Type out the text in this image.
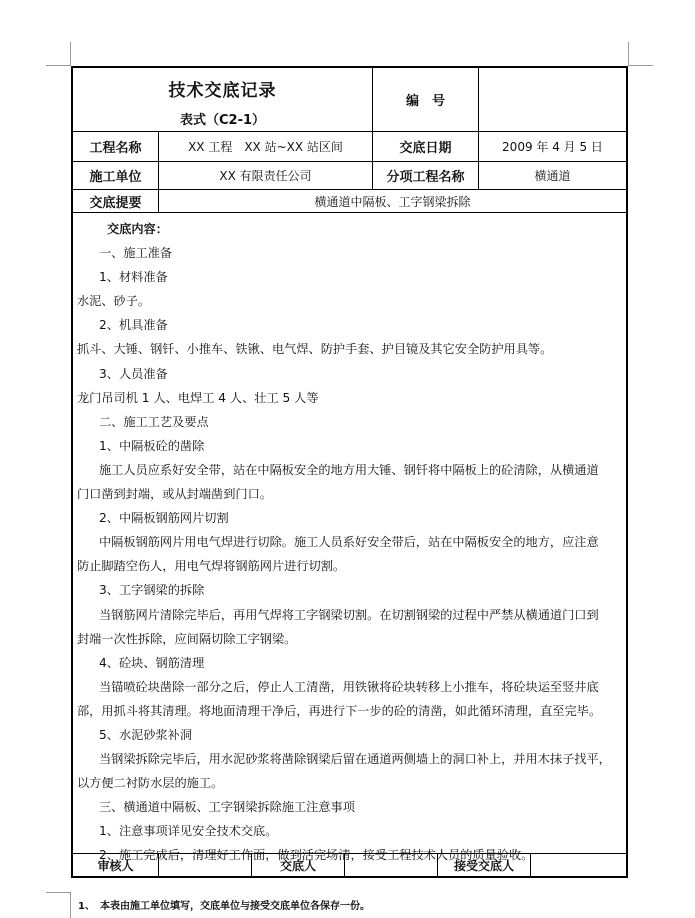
技术交底记录
表式（C2-1）		编　号	
工程名称	XX 工程　XX 站~XX 站区间	交底日期	2009 年 4 月 5 日
施工单位	XX 有限责任公司	分项工程名称	横通道
交底提要	横通道中隔板、工字钢梁拆除		

交底内容：

一、施工准备

1、材料准备

水泥、砂子。

2、机具准备

抓斗、大锤、钢钎、小推车、铁锹、电气焊、防护手套、护目镜及其它安全防护用具等。

3、人员准备

龙门吊司机 1 人、电焊工 4 人、壮工 5 人等

二、施工工艺及要点

1、中隔板砼的凿除

施工人员应系好安全带，站在中隔板安全的地方用大锤、钢钎将中隔板上的砼清除，从横通道

门口凿到封端，或从封端凿到门口。

2、中隔板钢筋网片切割

中隔板钢筋网片用电气焊进行切除。施工人员系好安全带后，站在中隔板安全的地方，应注意

防止脚踏空伤人，用电气焊将钢筋网片进行切割。

3、工字钢梁的拆除

当钢筋网片清除完毕后，再用气焊将工字钢梁切割。在切割钢梁的过程中严禁从横通道门口到

封端一次性拆除，应间隔切除工字钢梁。

4、砼块、钢筋清理

当锚喷砼块凿除一部分之后，停止人工清凿，用铁锹将砼块转移上小推车，将砼块运至竖井底

部，用抓斗将其清理。将地面清理干净后，再进行下一步的砼的清凿，如此循环清理，直至完毕。

5、水泥砂浆补洞

当钢梁拆除完毕后，用水泥砂浆将凿除钢梁后留在通道两侧墙上的洞口补上，并用木抹子找平，

以方便二衬防水层的施工。

三、横通道中隔板、工字钢梁拆除施工注意事项

1、注意事项详见安全技术交底。

2、施工完成后，清理好工作面，做到活完场清，接受工程技术人员的质量验收。

审核人		交底人		接受交底人	
1、　本表由施工单位填写，交底单位与接受交底单位各保存一份。
